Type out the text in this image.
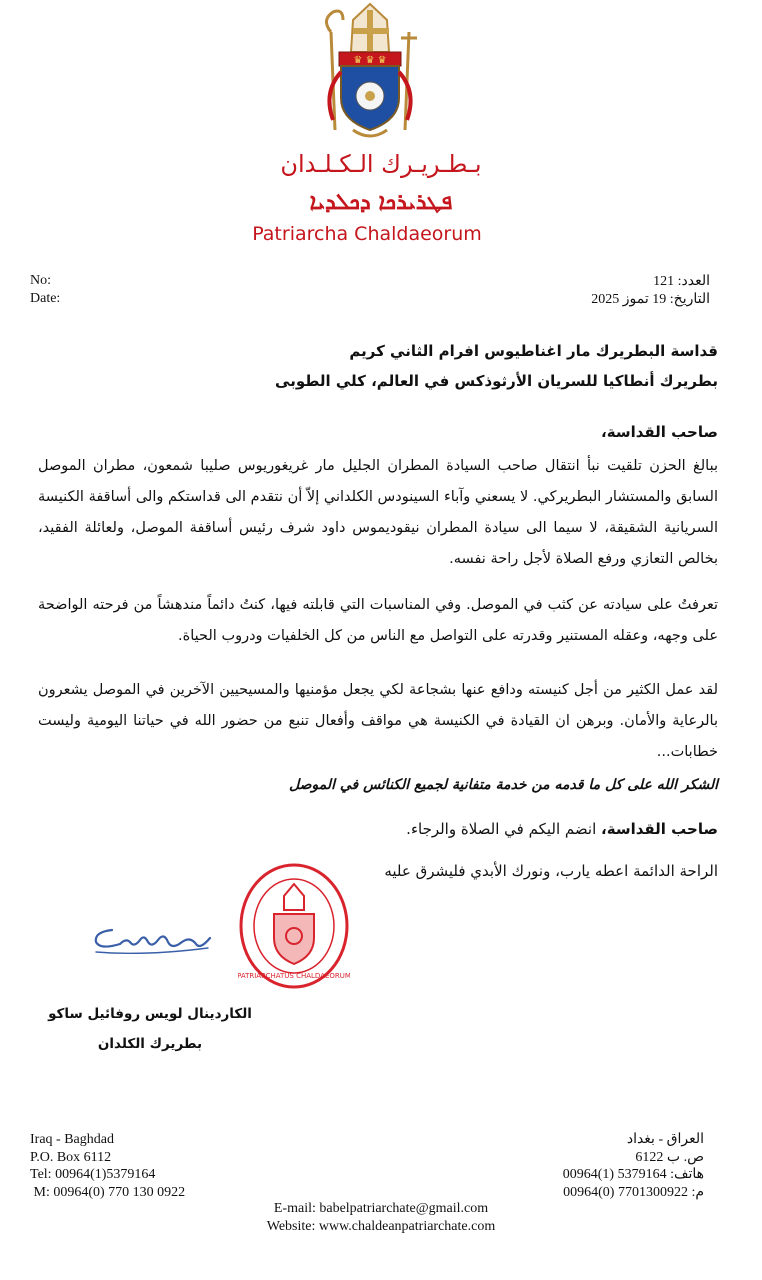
♛ ♛ ♛
بـطـريـرك الـكـلـدان
ܦܛܪܝܪܟܐ ܕܟܠܕܝܐ
Patriarcha Chaldaeorum
No:
Date:
العدد: 121
التاريخ: 19 تموز 2025
قداسة البطريرك مار اغناطيوس افرام الثاني كريم
بطريرك أنطاكيا للسريان الأرثوذكس في العالم، كلي الطوبى
صاحب القداسة،
ببالغ الحزن تلقيت نبأ انتقال صاحب السيادة المطران الجليل مار غريغوريوس صليبا شمعون، مطران الموصل السابق والمستشار البطريركي. لا يسعني وآباء السينودس الكلداني إلاّ أن نتقدم الى قداستكم والى أساقفة الكنيسة السريانية الشقيقة، لا سيما الى سيادة المطران نيقوديموس داود شرف رئيس أساقفة الموصل، ولعائلة الفقيد، بخالص التعازي ورفع الصلاة لأجل راحة نفسه.
تعرفتُ على سيادته عن كثب في الموصل. وفي المناسبات التي قابلته فيها، كنتُ دائماً مندهشاً من فرحته الواضحة على وجهه، وعقله المستنير وقدرته على التواصل مع الناس من كل الخلفيات ودروب الحياة.
لقد عمل الكثير من أجل كنيسته ودافع عنها بشجاعة لكي يجعل مؤمنيها والمسيحيين الآخرين في الموصل يشعرون بالرعاية والأمان. وبرهن ان القيادة في الكنيسة هي مواقف وأفعال تنبع من حضور الله في حياتنا اليومية وليست خطابات...
الشكر الله على كل ما قدمه من خدمة متفانية لجميع الكنائس في الموصل
صاحب القداسة، انضم اليكم في الصلاة والرجاء.
الراحة الدائمة اعطه يارب، ونورك الأبدي فليشرق عليه
PATRIARCHATUS CHALDAEORUM
الكاردينال لويس روفائيل ساكو
بطريرك الكلدان
Iraq - Baghdad
P.O. Box 6112
Tel: 00964(1)5379164
M: 00964(0) 770 130 0922
العراق - بغداد
ص. ب 6122
هاتف: 5379164 (1)00964
م: 7701300922 (0)00964
E-mail: babelpatriarchate@gmail.com
Website: www.chaldeanpatriarchate.com
